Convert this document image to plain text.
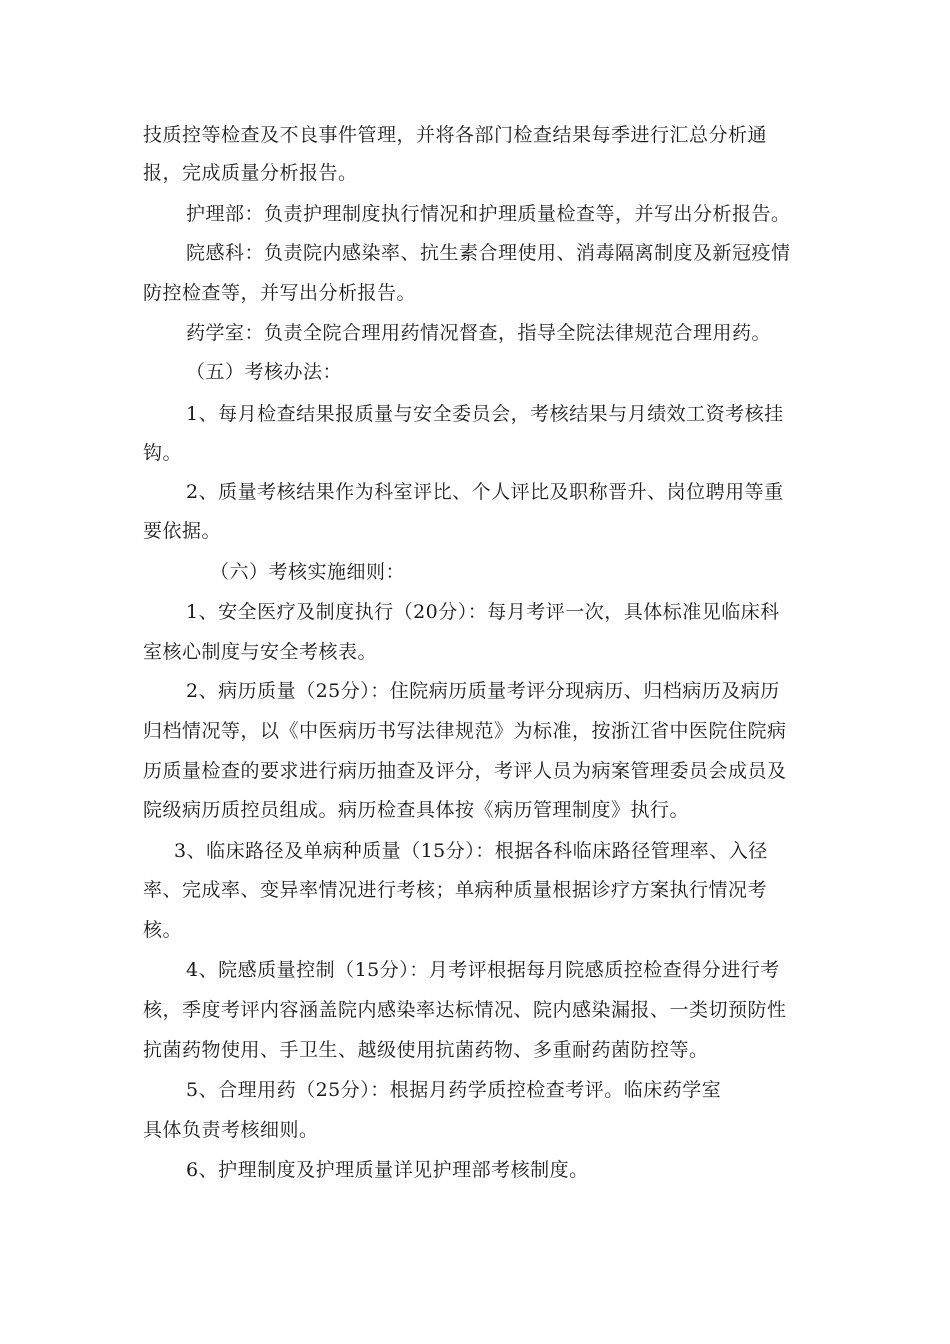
技质控等检查及不良事件管理，并将各部门检查结果每季进行汇总分析通
报，完成质量分析报告。
护理部：负责护理制度执行情况和护理质量检查等，并写出分析报告。
院感科：负责院内感染率、抗生素合理使用、消毒隔离制度及新冠疫情
防控检查等，并写出分析报告。
药学室：负责全院合理用药情况督查，指导全院法律规范合理用药。
（五）考核办法：
1、每月检查结果报质量与安全委员会，考核结果与月绩效工资考核挂
钩。
2、质量考核结果作为科室评比、个人评比及职称晋升、岗位聘用等重
要依据。
（六）考核实施细则：
1、安全医疗及制度执行（20分）：每月考评一次，具体标准见临床科
室核心制度与安全考核表。
2、病历质量（25分）：住院病历质量考评分现病历、归档病历及病历
归档情况等，以《中医病历书写法律规范》为标准，按浙江省中医院住院病
历质量检查的要求进行病历抽查及评分，考评人员为病案管理委员会成员及
院级病历质控员组成。病历检查具体按《病历管理制度》执行。
3、临床路径及单病种质量（15分）：根据各科临床路径管理率、入径
率、完成率、变异率情况进行考核；单病种质量根据诊疗方案执行情况考
核。
4、院感质量控制（15分）：月考评根据每月院感质控检查得分进行考
核，季度考评内容涵盖院内感染率达标情况、院内感染漏报、一类切预防性
抗菌药物使用、手卫生、越级使用抗菌药物、多重耐药菌防控等。
5、合理用药（25分）：根据月药学质控检查考评。临床药学室
具体负责考核细则。
6、护理制度及护理质量详见护理部考核制度。
